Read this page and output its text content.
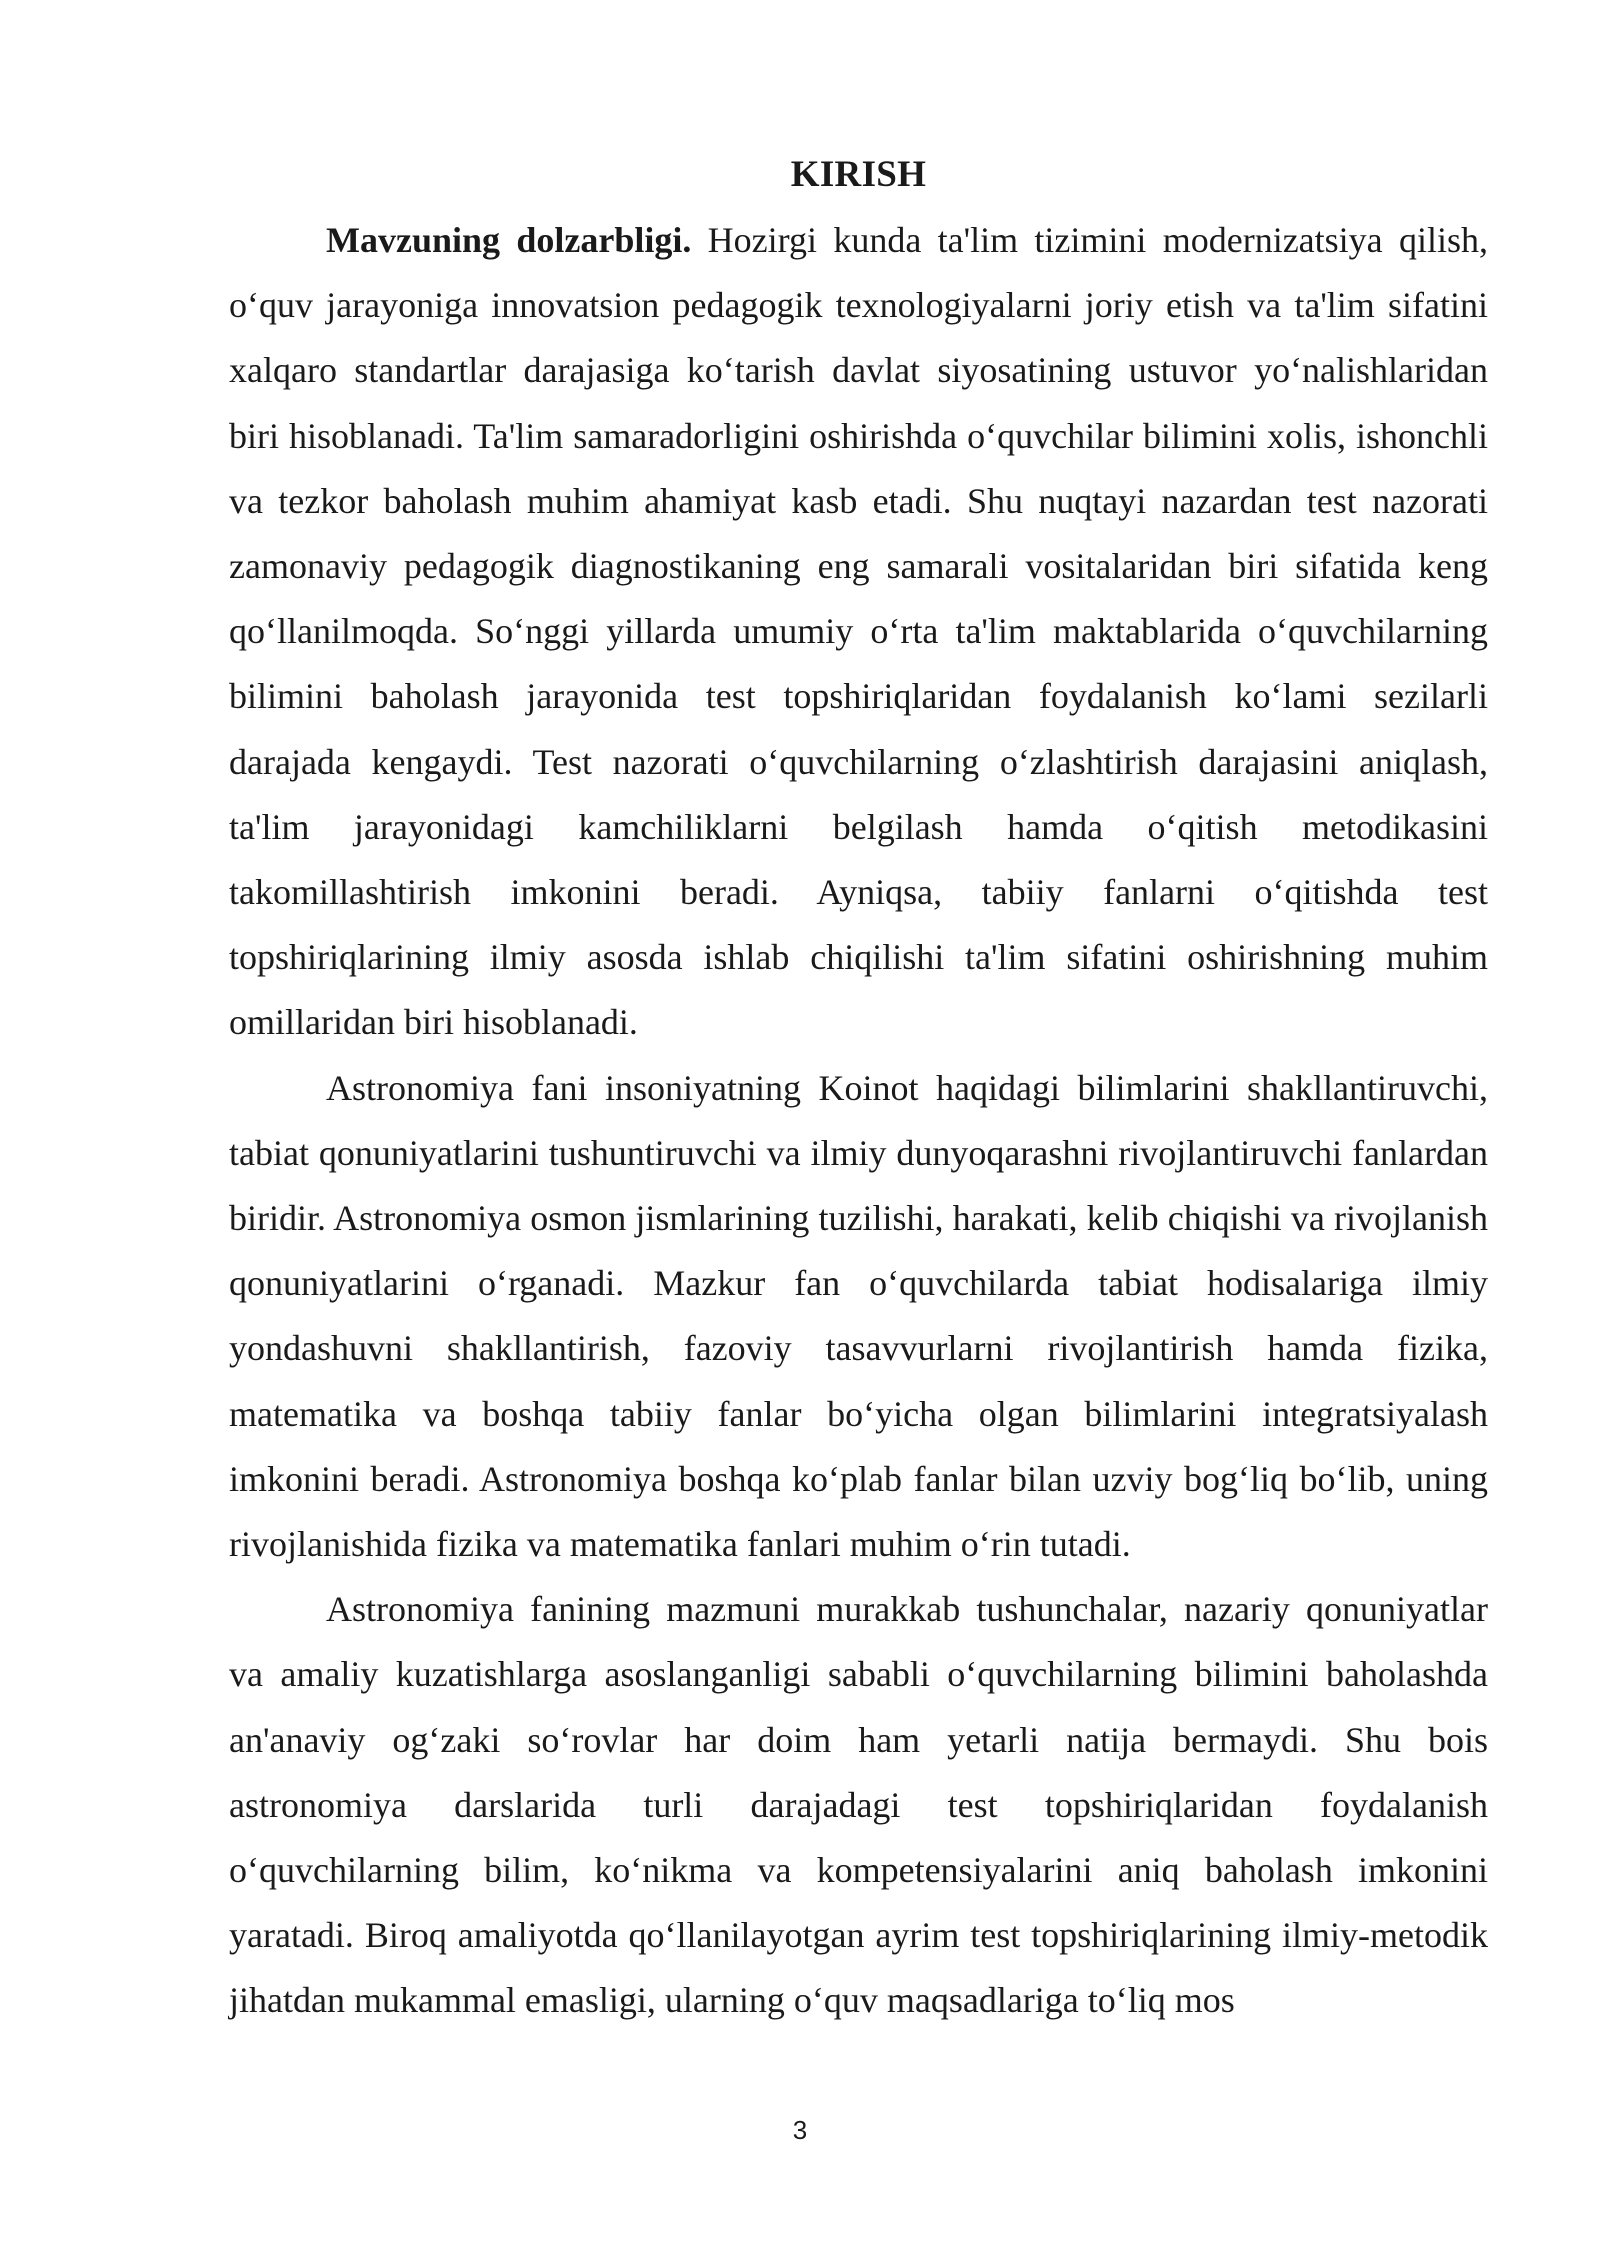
KIRISH

Mavzuning dolzarbligi. Hozirgi kunda ta'lim tizimini modernizatsiya qilish, o‘quv jarayoniga innovatsion pedagogik texnologiyalarni joriy etish va ta'lim sifatini xalqaro standartlar darajasiga ko‘tarish davlat siyosatining ustuvor yo‘nalishlaridan biri hisoblanadi. Ta'lim samaradorligini oshirishda o‘quvchilar bilimini xolis, ishonchli va tezkor baholash muhim ahamiyat kasb etadi. Shu nuqtayi nazardan test nazorati zamonaviy pedagogik diagnostikaning eng samarali vositalaridan biri sifatida keng qo‘llanilmoqda. So‘nggi yillarda umumiy o‘rta ta'lim maktablarida o‘quvchilarning bilimini baholash jarayonida test topshiriqlaridan foydalanish ko‘lami sezilarli darajada kengaydi. Test nazorati o‘quvchilarning o‘zlashtirish darajasini aniqlash, ta'lim jarayonidagi kamchiliklarni belgilash hamda o‘qitish metodikasini takomillashtirish imkonini beradi. Ayniqsa, tabiiy fanlarni o‘qitishda test topshiriqlarining ilmiy asosda ishlab chiqilishi ta'lim sifatini oshirishning muhim omillaridan biri hisoblanadi.

Astronomiya fani insoniyatning Koinot haqidagi bilimlarini shakllantiruvchi, tabiat qonuniyatlarini tushuntiruvchi va ilmiy dunyoqarashni rivojlantiruvchi fanlardan biridir. Astronomiya osmon jismlarining tuzilishi, harakati, kelib chiqishi va rivojlanish qonuniyatlarini o‘rganadi. Mazkur fan o‘quvchilarda tabiat hodisalariga ilmiy yondashuvni shakllantirish, fazoviy tasavvurlarni rivojlantirish hamda fizika, matematika va boshqa tabiiy fanlar bo‘yicha olgan bilimlarini integratsiyalash imkonini beradi. Astronomiya boshqa ko‘plab fanlar bilan uzviy bog‘liq bo‘lib, uning rivojlanishida fizika va matematika fanlari muhim o‘rin tutadi.

Astronomiya fanining mazmuni murakkab tushunchalar, nazariy qonuniyatlar va amaliy kuzatishlarga asoslanganligi sababli o‘quvchilarning bilimini baholashda an'anaviy og‘zaki so‘rovlar har doim ham yetarli natija bermaydi. Shu bois astronomiya darslarida turli darajadagi test topshiriqlaridan foydalanish o‘quvchilarning bilim, ko‘nikma va kompetensiyalarini aniq baholash imkonini yaratadi. Biroq amaliyotda qo‘llanilayotgan ayrim test topshiriqlarining ilmiy-metodik jihatdan mukammal emasligi, ularning o‘quv maqsadlariga to‘liq mos

3
